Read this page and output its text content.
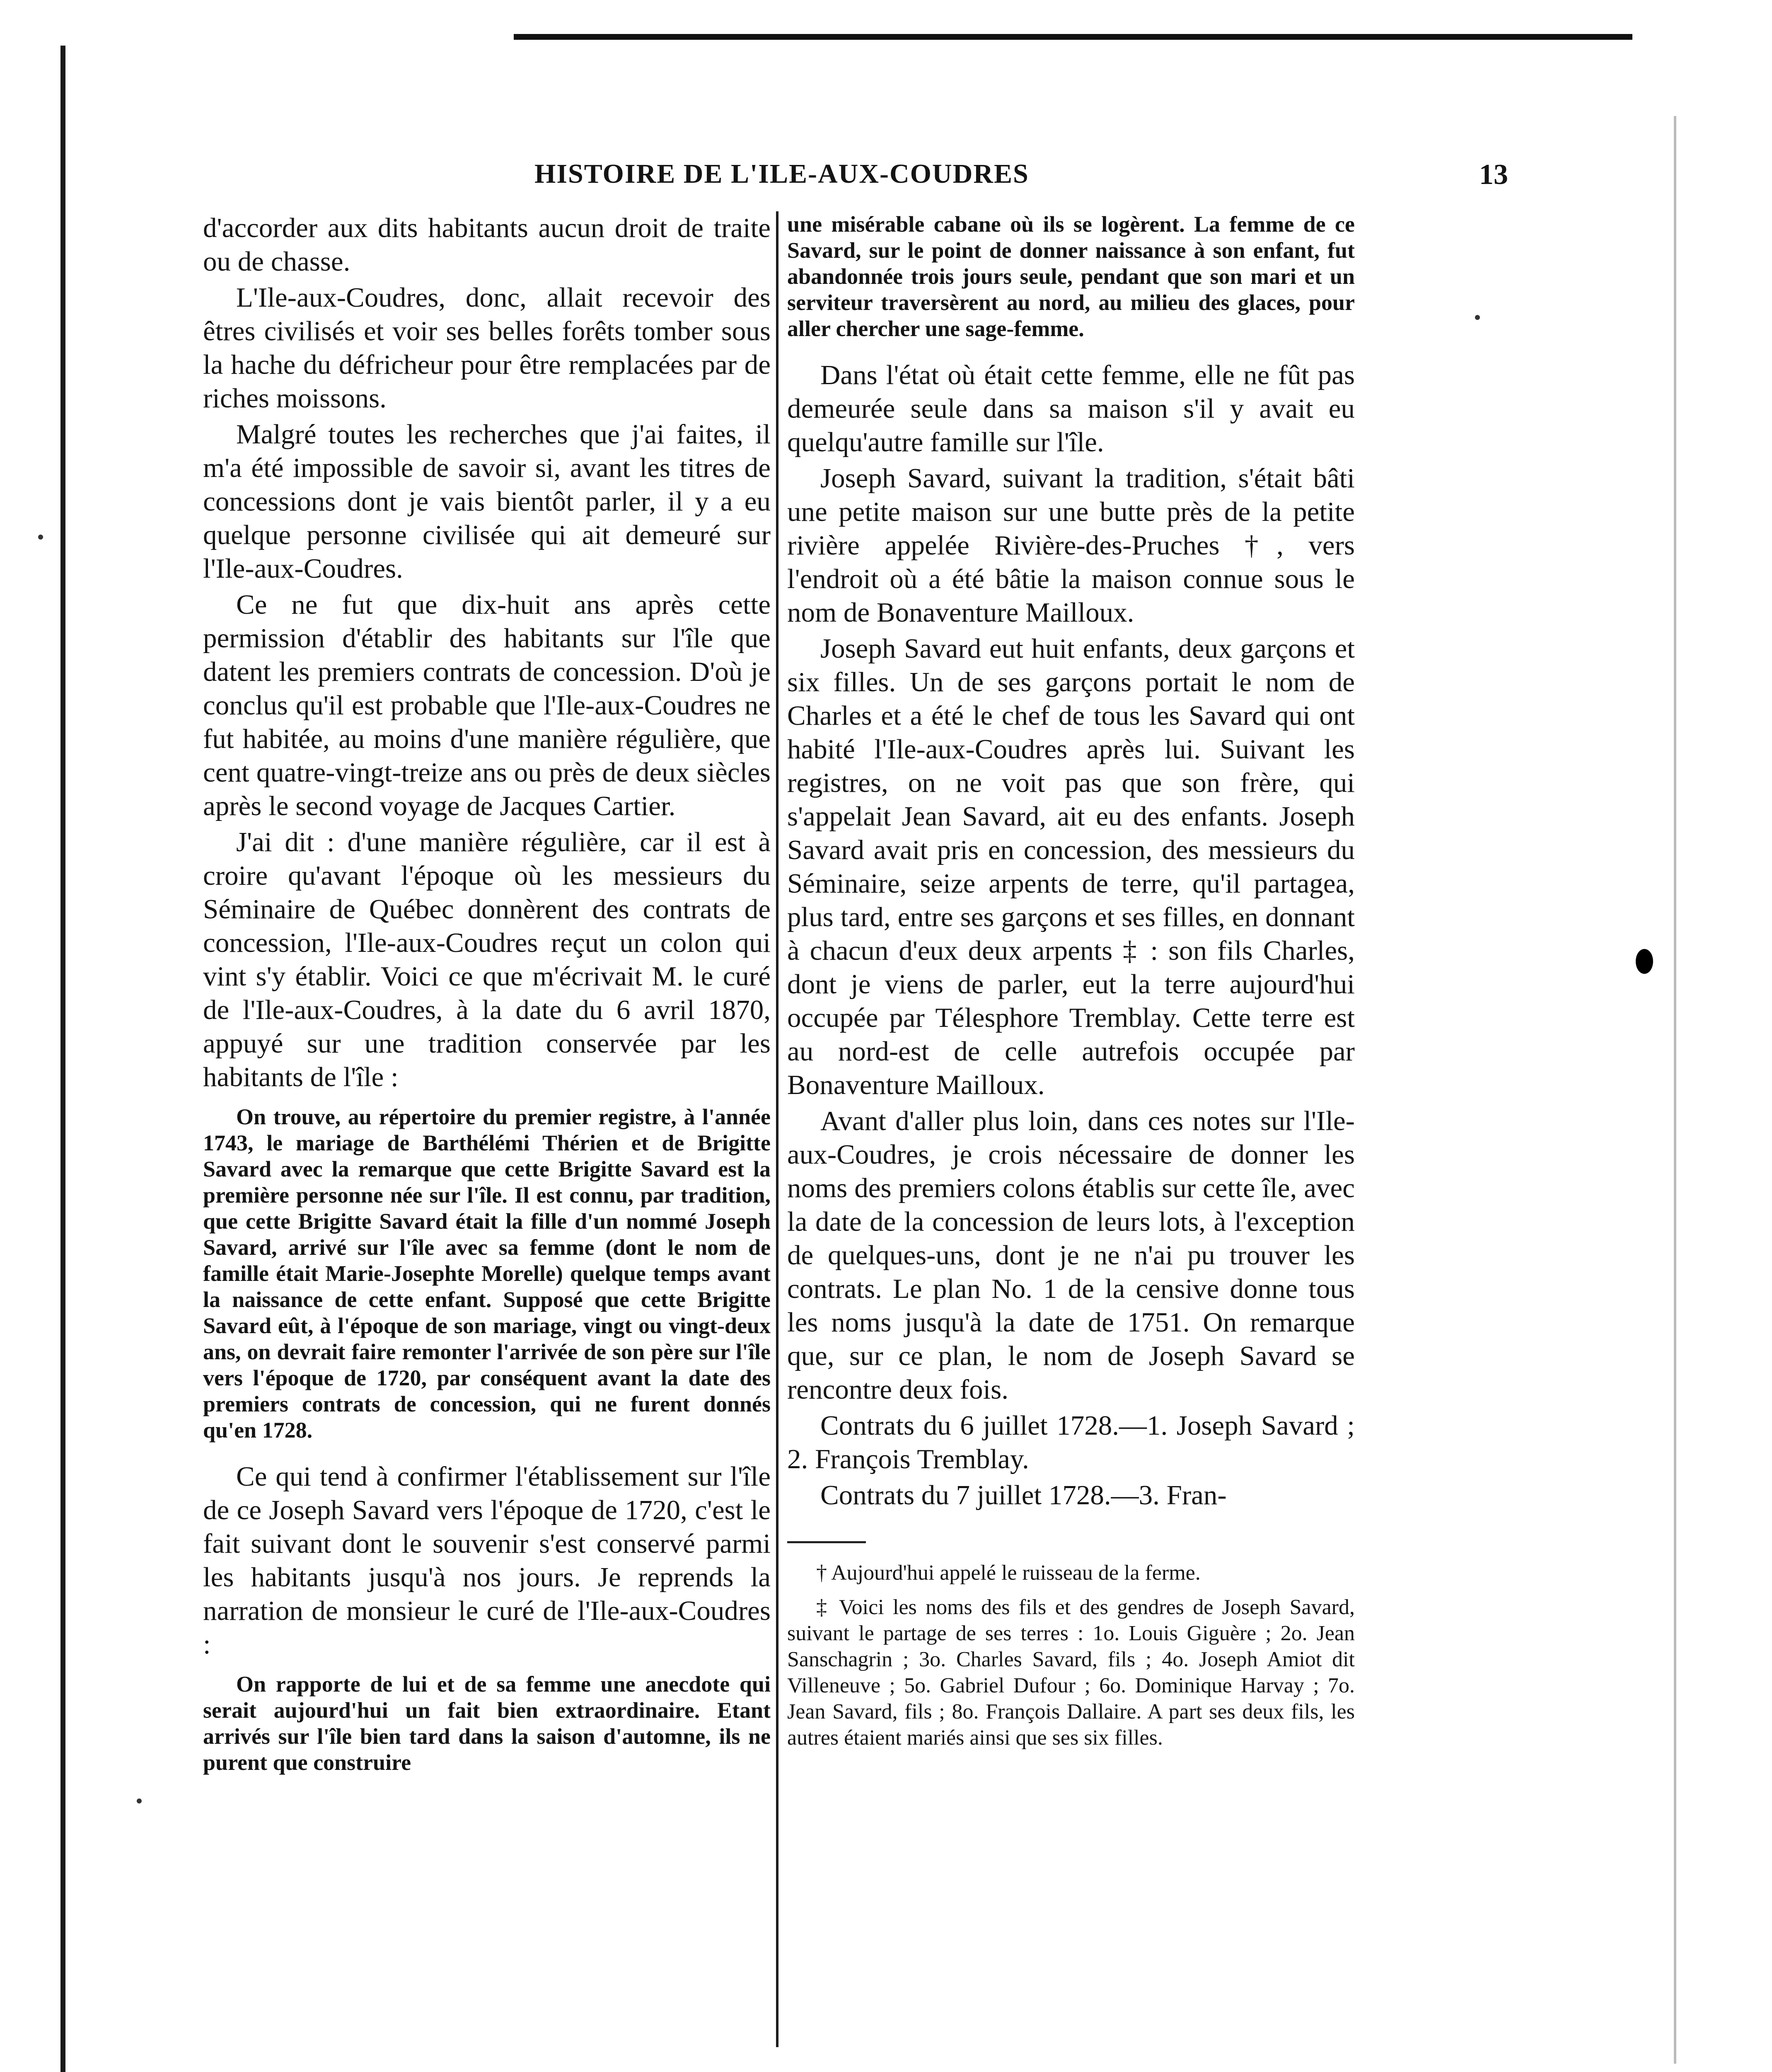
HISTOIRE DE L'ILE-AUX-COUDRES	13

d'accorder aux dits habitants aucun droit de traite ou de chasse.

L'Ile-aux-Coudres, donc, allait recevoir des êtres civilisés et voir ses belles forêts tomber sous la hache du défricheur pour être remplacées par de riches moissons.

Malgré toutes les recherches que j'ai faites, il m'a été impossible de savoir si, avant les titres de concessions dont je vais bientôt parler, il y a eu quelque personne civilisée qui ait demeuré sur l'Ile-aux-Coudres.

Ce ne fut que dix-huit ans après cette permission d'établir des habitants sur l'île que datent les premiers contrats de concession. D'où je conclus qu'il est probable que l'Ile-aux-Coudres ne fut habitée, au moins d'une manière régulière, que cent quatre-vingt-treize ans ou près de deux siècles après le second voyage de Jacques Cartier.

J'ai dit : d'une manière régulière, car il est à croire qu'avant l'époque où les messieurs du Séminaire de Québec donnèrent des contrats de concession, l'Ile-aux-Coudres reçut un colon qui vint s'y établir. Voici ce que m'écrivait M. le curé de l'Ile-aux-Coudres, à la date du 6 avril 1870, appuyé sur une tradition conservée par les habitants de l'île :

On trouve, au répertoire du premier registre, à l'année 1743, le mariage de Barthélémi Thérien et de Brigitte Savard avec la remarque que cette Brigitte Savard est la première personne née sur l'île. Il est connu, par tradition, que cette Brigitte Savard était la fille d'un nommé Joseph Savard, arrivé sur l'île avec sa femme (dont le nom de famille était Marie-Josephte Morelle) quelque temps avant la naissance de cette enfant. Supposé que cette Brigitte Savard eût, à l'époque de son mariage, vingt ou vingt-deux ans, on devrait faire remonter l'arrivée de son père sur l'île vers l'époque de 1720, par conséquent avant la date des premiers contrats de concession, qui ne furent donnés qu'en 1728.

Ce qui tend à confirmer l'établissement sur l'île de ce Joseph Savard vers l'époque de 1720, c'est le fait suivant dont le souvenir s'est conservé parmi les habitants jusqu'à nos jours. Je reprends la narration de monsieur le curé de l'Ile-aux-Coudres :

On rapporte de lui et de sa femme une anecdote qui serait aujourd'hui un fait bien extraordinaire. Etant arrivés sur l'île bien tard dans la saison d'automne, ils ne purent que construire

une misérable cabane où ils se logèrent. La femme de ce Savard, sur le point de donner naissance à son enfant, fut abandonnée trois jours seule, pendant que son mari et un serviteur traversèrent au nord, au milieu des glaces, pour aller chercher une sage-femme.

Dans l'état où était cette femme, elle ne fût pas demeurée seule dans sa maison s'il y avait eu quelqu'autre famille sur l'île.

Joseph Savard, suivant la tradition, s'était bâti une petite maison sur une butte près de la petite rivière appelée Rivière-des-Pruches †, vers l'endroit où a été bâtie la maison connue sous le nom de Bonaventure Mailloux.

Joseph Savard eut huit enfants, deux garçons et six filles. Un de ses garçons portait le nom de Charles et a été le chef de tous les Savard qui ont habité l'Ile-aux-Coudres après lui. Suivant les registres, on ne voit pas que son frère, qui s'appelait Jean Savard, ait eu des enfants. Joseph Savard avait pris en concession, des messieurs du Séminaire, seize arpents de terre, qu'il partagea, plus tard, entre ses garçons et ses filles, en donnant à chacun d'eux deux arpents ‡ : son fils Charles, dont je viens de parler, eut la terre aujourd'hui occupée par Télesphore Tremblay. Cette terre est au nord-est de celle autrefois occupée par Bonaventure Mailloux.

Avant d'aller plus loin, dans ces notes sur l'Ile-aux-Coudres, je crois nécessaire de donner les noms des premiers colons établis sur cette île, avec la date de la concession de leurs lots, à l'exception de quelques-uns, dont je ne n'ai pu trouver les contrats. Le plan No. 1 de la censive donne tous les noms jusqu'à la date de 1751. On remarque que, sur ce plan, le nom de Joseph Savard se rencontre deux fois.

Contrats du 6 juillet 1728.—1. Joseph Savard ; 2. François Tremblay.

Contrats du 7 juillet 1728.—3. Fran-

† Aujourd'hui appelé le ruisseau de la ferme.

‡ Voici les noms des fils et des gendres de Joseph Savard, suivant le partage de ses terres : 1o. Louis Giguère ; 2o. Jean Sanschagrin ; 3o. Charles Savard, fils ; 4o. Joseph Amiot dit Villeneuve ; 5o. Gabriel Dufour ; 6o. Dominique Harvay ; 7o. Jean Savard, fils ; 8o. François Dallaire. A part ses deux fils, les autres étaient mariés ainsi que ses six filles.
